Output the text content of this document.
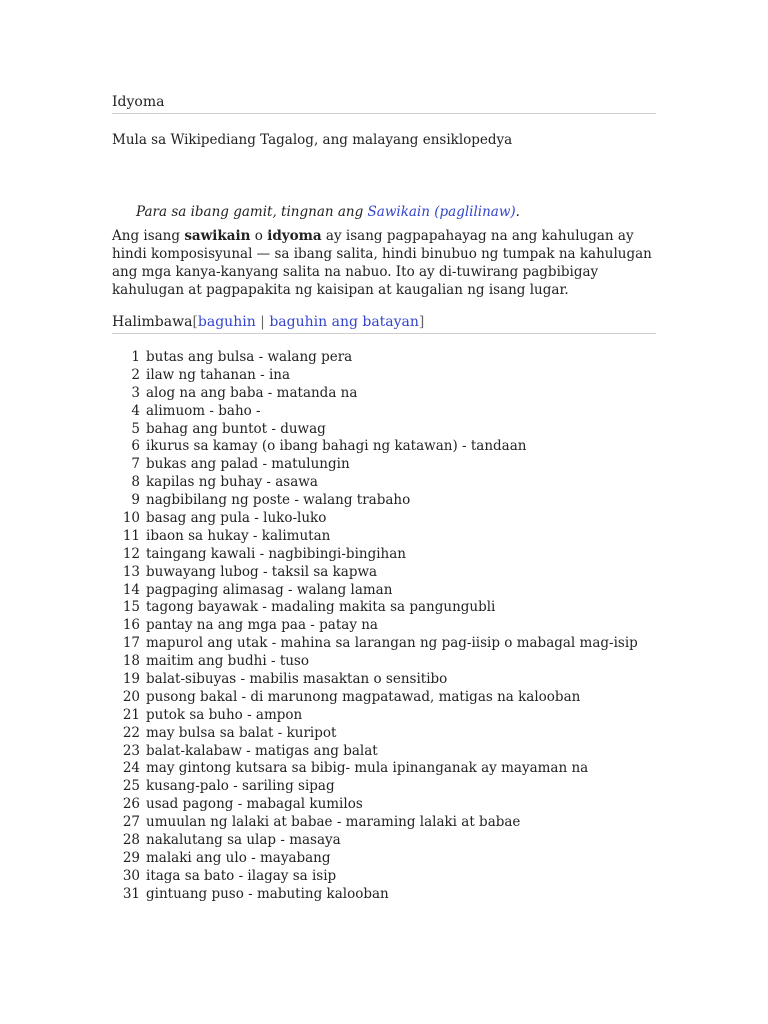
Idyoma
Mula sa Wikipediang Tagalog, ang malayang ensiklopedya
Para sa ibang gamit, tingnan ang Sawikain (paglilinaw).
Ang isang sawikain o idyoma ay isang pagpapahayag na ang kahulugan ay hindi komposisyunal — sa ibang salita, hindi binubuo ng tumpak na kahulugan ang mga kanya-kanyang salita na nabuo. Ito ay di-tuwirang pagbibigay kahulugan at pagpapakita ng kaisipan at kaugalian ng isang lugar.
Halimbawa[baguhin | baguhin ang batayan]
1 butas ang bulsa - walang pera
2 ilaw ng tahanan - ina
3 alog na ang baba - matanda na
4 alimuom - baho -
5 bahag ang buntot - duwag
6 ikurus sa kamay (o ibang bahagi ng katawan) - tandaan
7 bukas ang palad - matulungin
8 kapilas ng buhay - asawa
9 nagbibilang ng poste - walang trabaho
10 basag ang pula - luko-luko
11 ibaon sa hukay - kalimutan
12 taingang kawali - nagbibingi-bingihan
13 buwayang lubog - taksil sa kapwa
14 pagpaging alimasag - walang laman
15 tagong bayawak - madaling makita sa pangungubli
16 pantay na ang mga paa - patay na
17 mapurol ang utak - mahina sa larangan ng pag-iisip o mabagal mag-isip
18 maitim ang budhi - tuso
19 balat-sibuyas - mabilis masaktan o sensitibo
20 pusong bakal - di marunong magpatawad, matigas na kalooban
21 putok sa buho - ampon
22 may bulsa sa balat - kuripot
23 balat-kalabaw - matigas ang balat
24 may gintong kutsara sa bibig- mula ipinanganak ay mayaman na
25 kusang-palo - sariling sipag
26 usad pagong - mabagal kumilos
27 umuulan ng lalaki at babae - maraming lalaki at babae
28 nakalutang sa ulap - masaya
29 malaki ang ulo - mayabang
30 itaga sa bato - ilagay sa isip
31 gintuang puso - mabuting kalooban
